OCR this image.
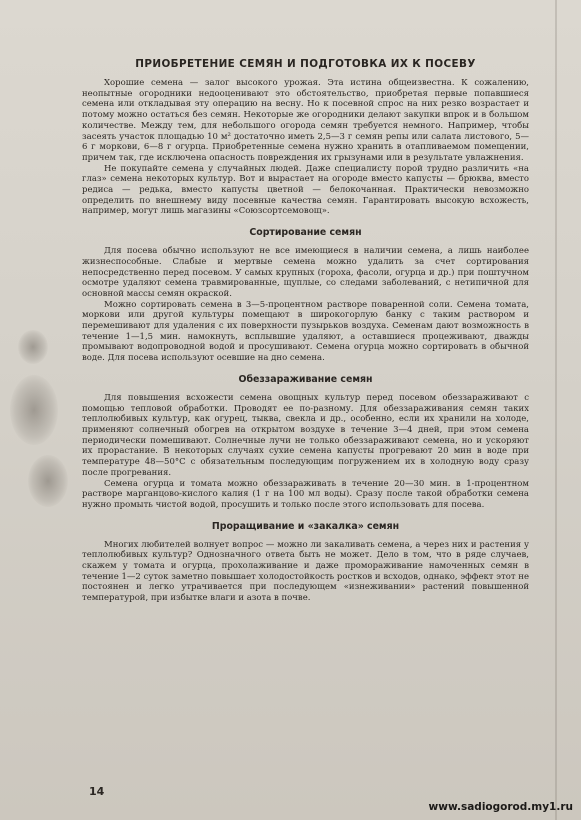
ПРИОБРЕТЕНИЕ СЕМЯН И ПОДГОТОВКА ИХ К ПОСЕВУ

Хорошие семена — залог высокого урожая. Эта истина общеизвестна. К сожалению, неопытные огородники недооценивают это обстоятельство, приобретая первые попавшиеся семена или откладывая эту операцию на весну. Но к посевной спрос на них резко возрастает и потому можно остаться без семян. Некоторые же огородники делают закупки впрок и в большом количестве. Между тем, для небольшого огорода семян требуется немного. Например, чтобы засеять участок площадью 10 м² достаточно иметь 2,5—3 г семян репы или салата листового, 5—6 г моркови, 6—8 г огурца. Приобретенные семена нужно хранить в отапливаемом помещении, причем так, где исключена опасность повреждения их грызунами или в результате увлажнения.

Не покупайте семена у случайных людей. Даже специалисту порой трудно различить «на глаз» семена некоторых культур. Вот и вырастает на огороде вместо капусты — брюква, вместо редиса — редька, вместо капусты цветной — белокочанная. Практически невозможно определить по внешнему виду посевные качества семян. Гарантировать высокую всхожесть, например, могут лишь магазины «Союзсортсемовощ».

Сортирование семян

Для посева обычно используют не все имеющиеся в наличии семена, а лишь наиболее жизнеспособные. Слабые и мертвые семена можно удалить за счет сортирования непосредственно перед посевом. У самых крупных (гороха, фасоли, огурца и др.) при поштучном осмотре удаляют семена травмированные, щуплые, со следами заболеваний, с нетипичной для основной массы семян окраской.

Можно сортировать семена в 3—5-процентном растворе поваренной соли. Семена томата, моркови или другой культуры помещают в широкогорлую банку с таким раствором и перемешивают для удаления с их поверхности пузырьков воздуха. Семенам дают возможность в течение 1—1,5 мин. намокнуть, всплывшие удаляют, а оставшиеся процеживают, дважды промывают водопроводной водой и просушивают. Семена огурца можно сортировать в обычной воде. Для посева используют осевшие на дно семена.

Обеззараживание семян

Для повышения всхожести семена овощных культур перед посевом обеззараживают с помощью тепловой обработки. Проводят ее по-разному. Для обеззараживания семян таких теплолюбивых культур, как огурец, тыква, свекла и др., особенно, если их хранили на холоде, применяют солнечный обогрев на открытом воздухе в течение 3—4 дней, при этом семена периодически помешивают. Солнечные лучи не только обеззараживают семена, но и ускоряют их прорастание. В некоторых случаях сухие семена капусты прогревают 20 мин в воде при температуре 48—50°С с обязательным последующим погружением их в холодную воду сразу после прогревания.

Семена огурца и томата можно обеззараживать в течение 20—30 мин. в 1-процентном растворе марганцово-кислого калия (1 г на 100 мл воды). Сразу после такой обработки семена нужно промыть чистой водой, просушить и только после этого использовать для посева.

Проращивание и «закалка» семян

Многих любителей волнует вопрос — можно ли закаливать семена, а через них и растения у теплолюбивых культур? Однозначного ответа быть не может. Дело в том, что в ряде случаев, скажем у томата и огурца, прохолаживание и даже промораживание намоченных семян в течение 1—2 суток заметно повышает холодостойкость ростков и всходов, однако, эффект этот не постоянен и легко утрачивается при последующем «изнеживании» растений повышенной температурой, при избытке влаги и азота в почве.

14
www.sadiogorod.my1.ru
